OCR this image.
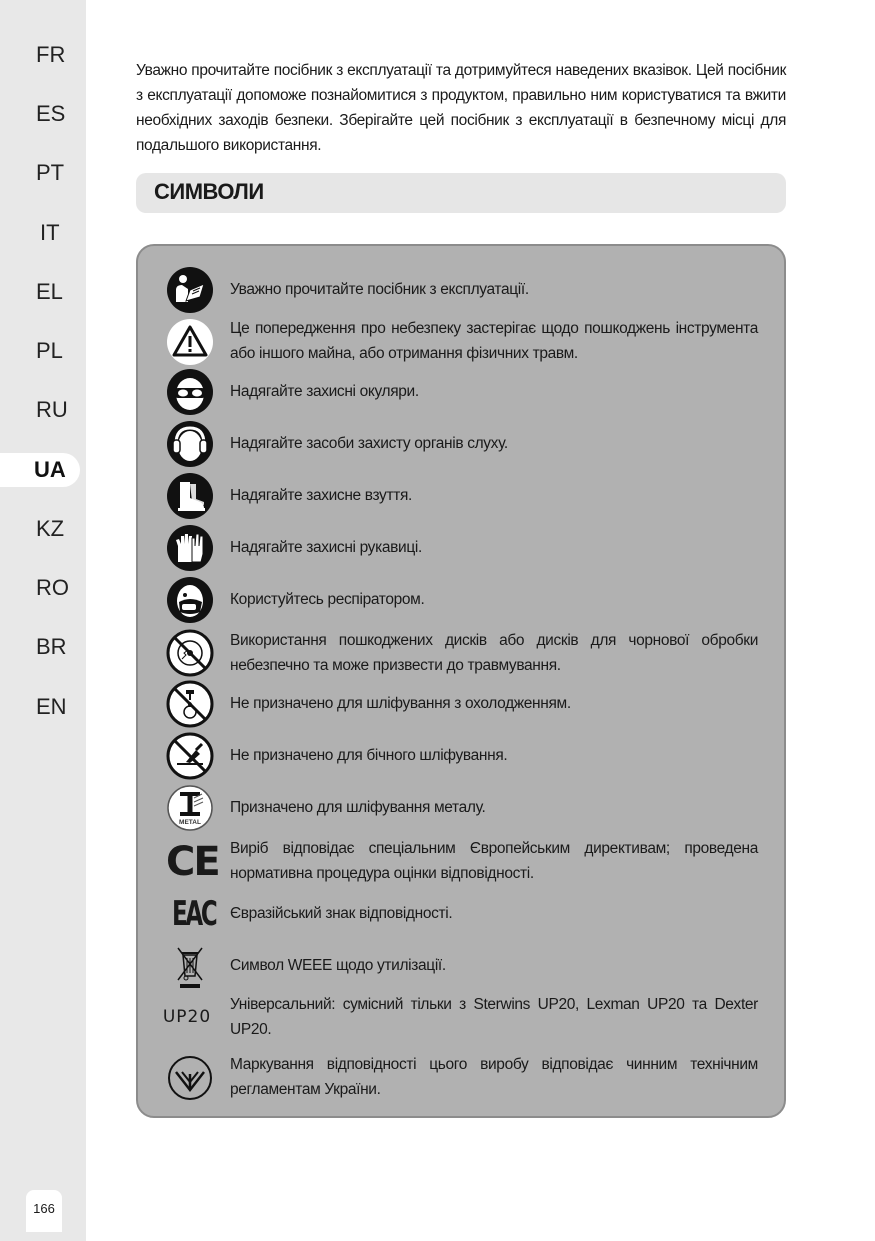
FR
ES
PT
IT
EL
PL
RU
UA
KZ
RO
BR
EN
166
Уважно прочитайте посібник з експлуатації та дотримуйтеся наведених вказівок. Цей посібник з експлуатації допоможе познайомитися з продуктом, правильно ним користуватися та вжити необхідних заходів безпеки. Зберігайте цей посібник з експлуатації в безпечному місці для подальшого використання.
СИМВОЛИ
Уважно прочитайте посібник з експлуатації.
Це попередження про небезпеку застерігає щодо пошкоджень інструмента або іншого майна, або отримання фізичних травм.
Надягайте захисні окуляри.
Надягайте засоби захисту органів слуху.
Надягайте захисне взуття.
Надягайте захисні рукавиці.
Користуйтесь респіратором.
Використання пошкоджених дисків або дисків для чорнової обробки небезпечно та може призвести до травмування.
Не призначено для шліфування з охолодженням.
Не призначено для бічного шліфування.
METAL
Призначено для шліфування металу.
CE Виріб відповідає спеціальним Європейським директивам; проведена нормативна процедура оцінки відповідності.
EAC Євразійський знак відповідності.
Символ WEEE щодо утилізації.
UP20
Універсальний: сумісний тільки з Sterwins UP20, Lexman UP20 та Dexter UP20.
Маркування відповідності цього виробу відповідає чинним технічним регламентам України.
